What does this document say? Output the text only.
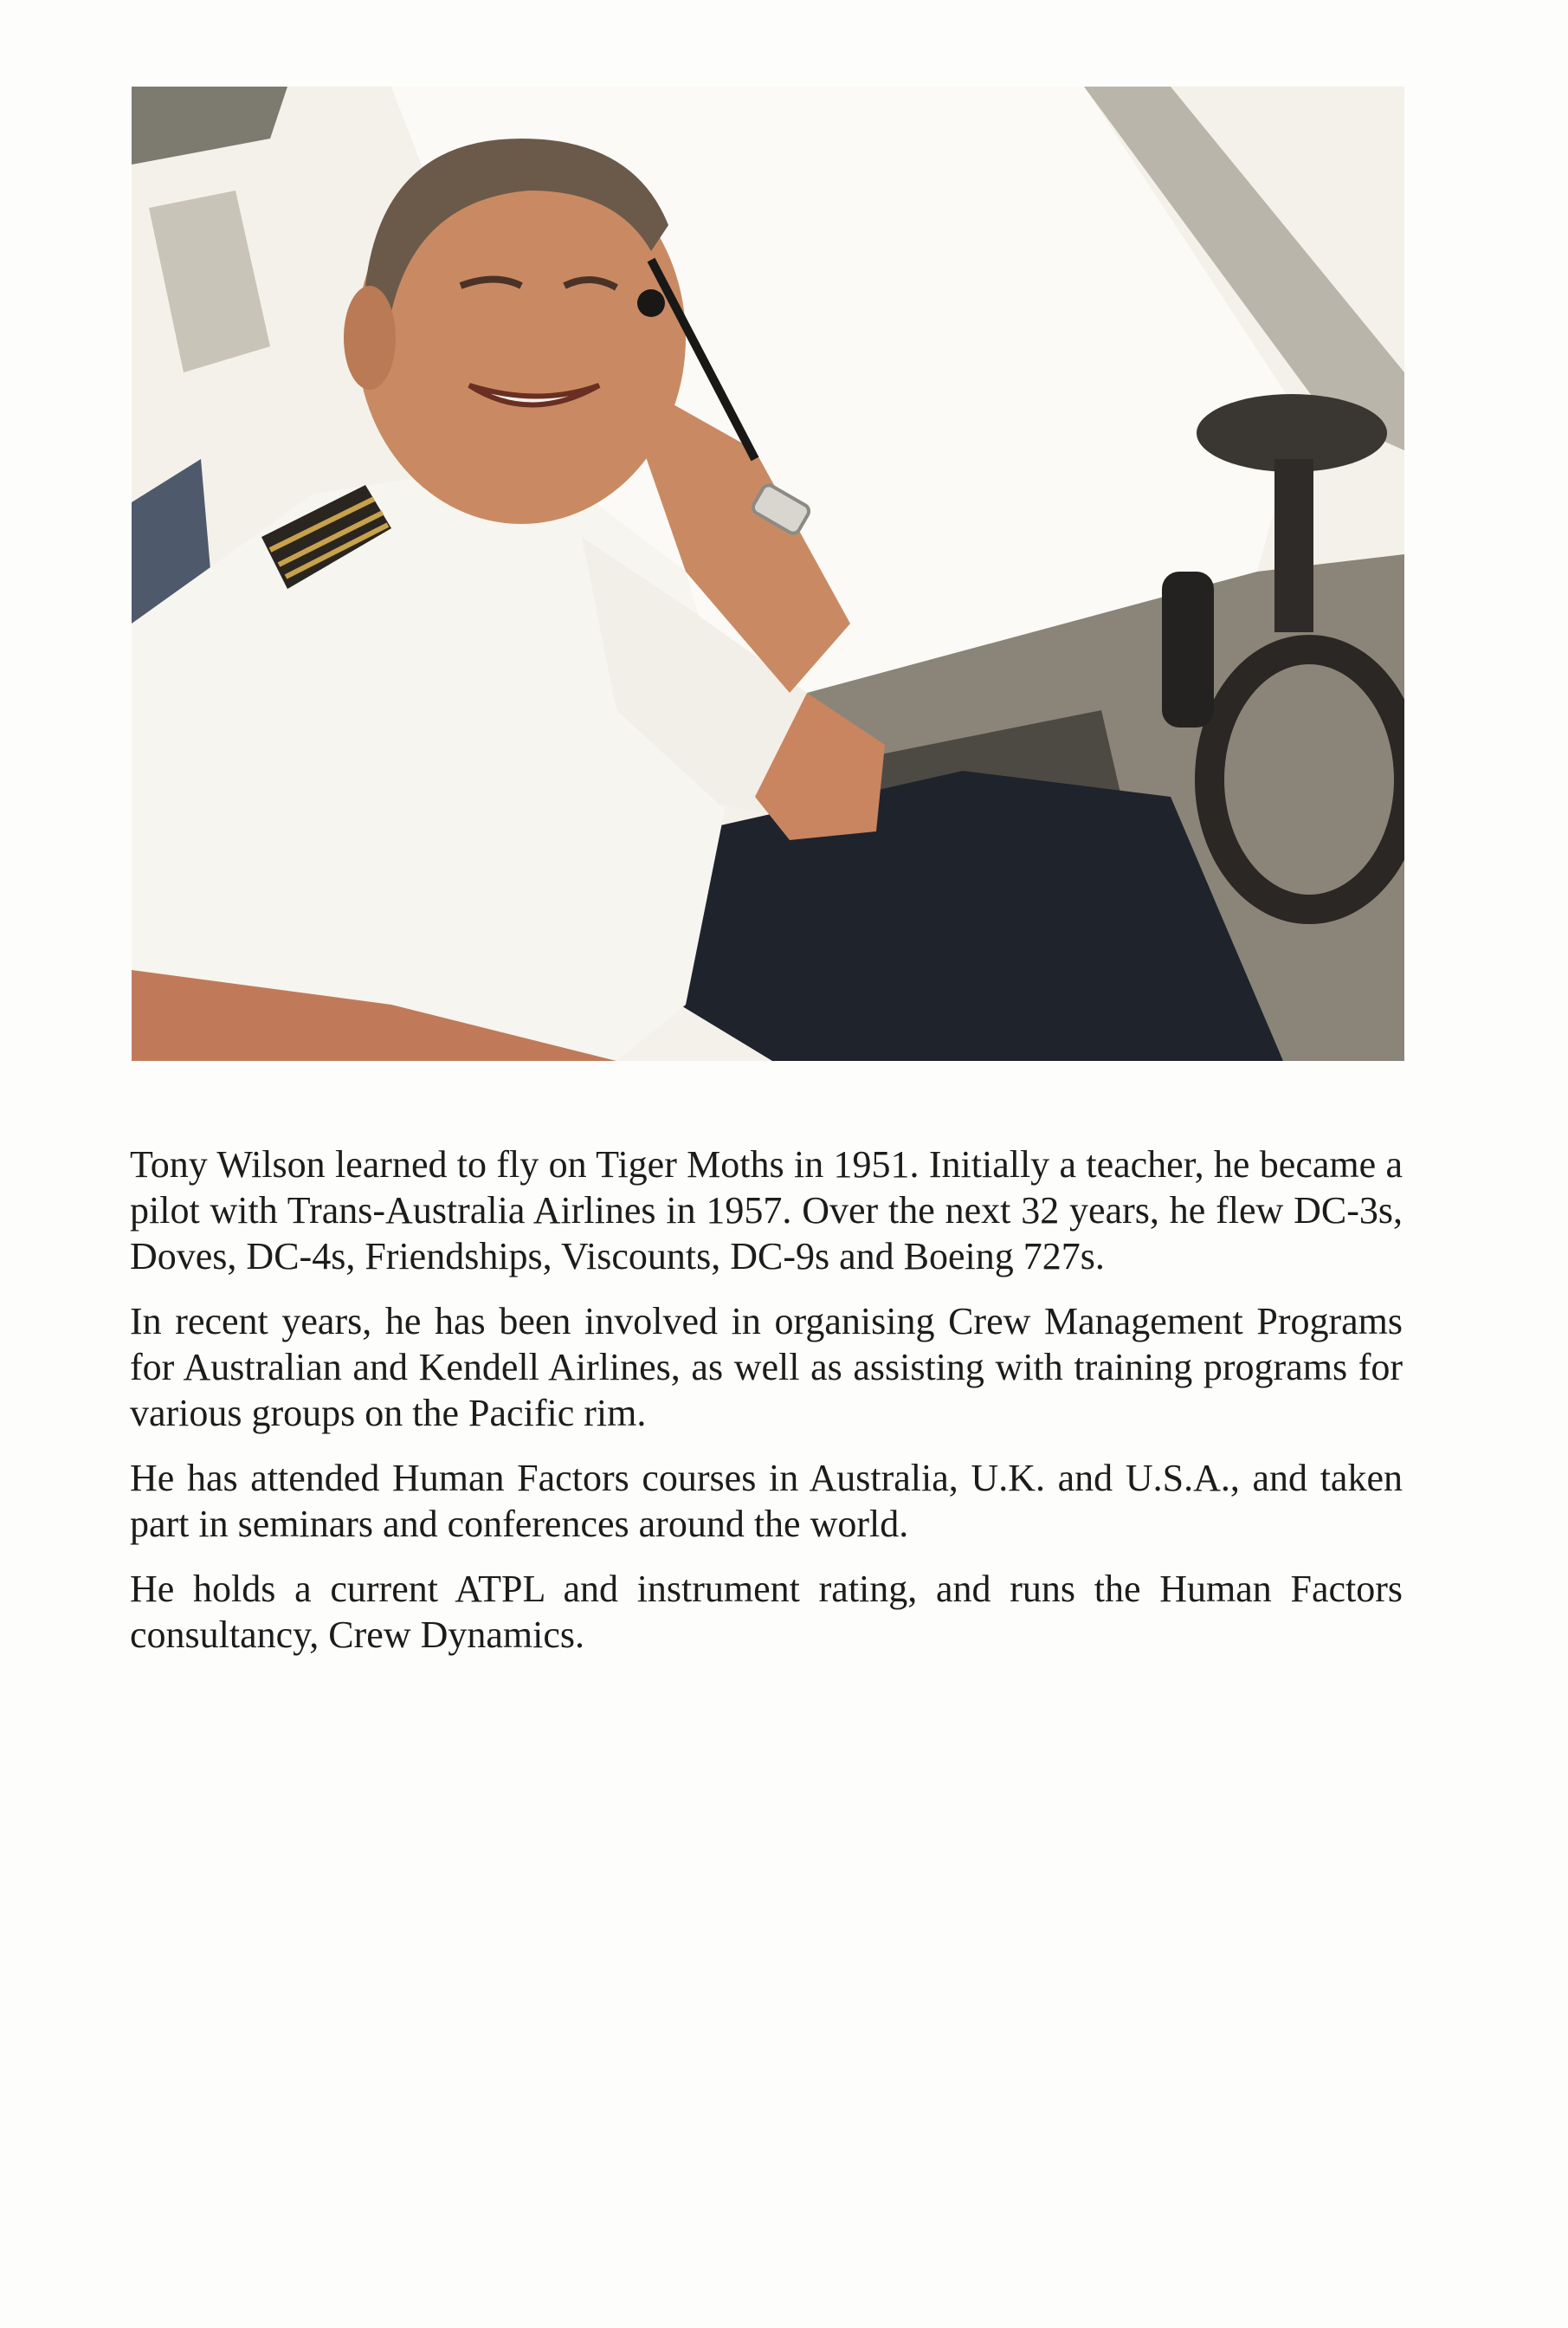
Tony Wilson learned to fly on Tiger Moths in 1951. Initially a teacher, he became a pilot with Trans-Australia Airlines in 1957. Over the next 32 years, he flew DC-3s, Doves, DC-4s, Friendships, Viscounts, DC-9s and Boeing 727s.

In recent years, he has been involved in organising Crew Management Programs for Australian and Kendell Airlines, as well as assisting with training programs for various groups on the Pacific rim.

He has attended Human Factors courses in Australia, U.K. and U.S.A., and taken part in seminars and conferences around the world.

He holds a current ATPL and instrument rating, and runs the Human Factors consultancy, Crew Dynamics.
